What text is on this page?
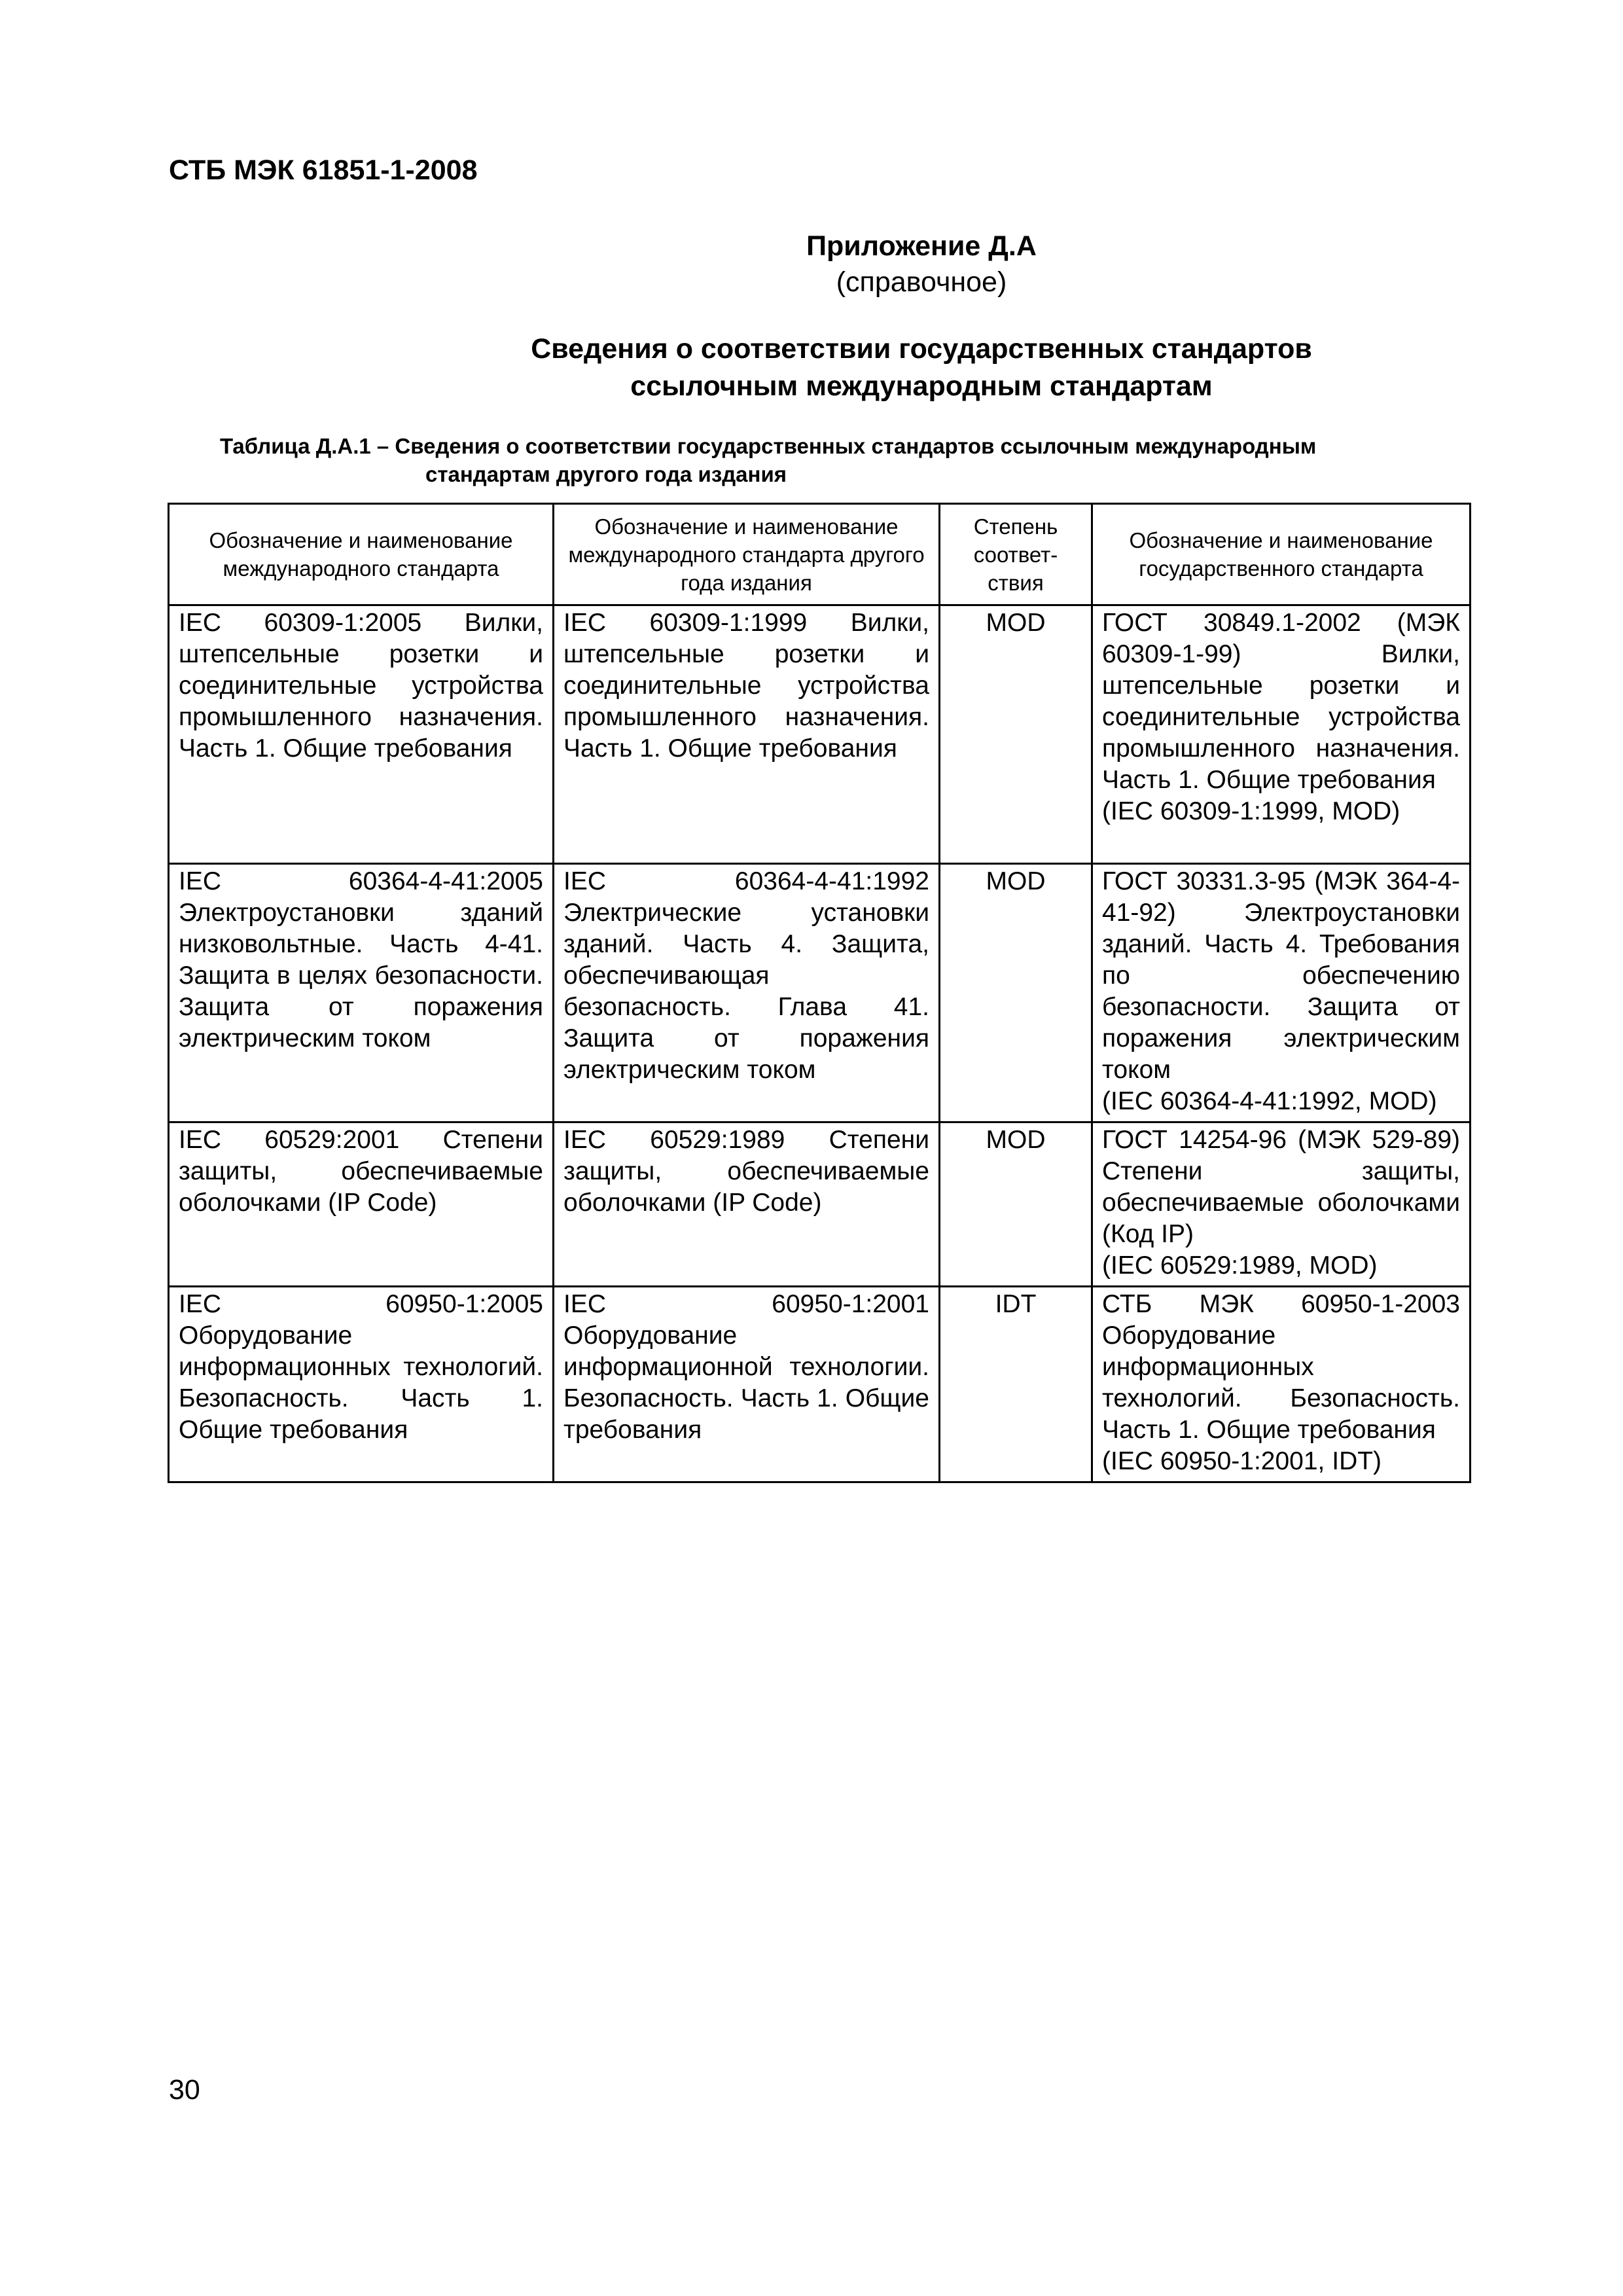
СТБ МЭК 61851-1-2008
Приложение Д.А
(справочное)
Сведения о соответствии государственных стандартов
ссылочным международным стандартам
Таблица Д.А.1 – Сведения о соответствии государственных стандартов ссылочным международным
стандартам другого года издания
Обозначение и наименование международного стандарта	Обозначение и наименование международного стандарта другого года издания	Степень соответ-ствия	Обозначение и наименование государственного стандарта
IEC 60309-1:2005 Вилки, штепсельные розетки и соединительные устройства промышленного назначения. Часть 1. Общие требования	IEC 60309-1:1999 Вилки, штепсельные розетки и соединительные устройства промышленного назначения. Часть 1. Общие требования	MOD	ГОСТ 30849.1-2002 (МЭК 60309-1-99) Вилки, штепсельные розетки и соединительные устройства промышленного назначения. Часть 1. Общие требования
(IEC 60309-1:1999, MOD)

IEC 60364-4-41:2005 Электроустановки зданий низковольтные. Часть 4-41. Защита в целях безопасности. Защита от поражения электрическим током	IEC 60364-4-41:1992 Электрические установки зданий. Часть 4. Защита, обеспечивающая безопасность. Глава 41. Защита от поражения электрическим током	MOD	ГОСТ 30331.3-95 (МЭК 364-4-41-92) Электроустановки зданий. Часть 4. Требования по обеспечению безопасности. Защита от поражения электрическим током
(IEC 60364-4-41:1992, MOD)

IEC 60529:2001 Степени защиты, обеспечиваемые оболочками (IP Code)	IEC 60529:1989 Степени защиты, обеспечиваемые оболочками (IP Code)	MOD	ГОСТ 14254-96 (МЭК 529-89) Степени защиты, обеспечиваемые оболочками (Код IP)
(IEC 60529:1989, MOD)

IEC 60950-1:2005 Оборудование информационных технологий. Безопасность. Часть 1. Общие требования	IEC 60950-1:2001 Оборудование информационной технологии. Безопасность. Часть 1. Общие требования	IDT	СТБ МЭК 60950-1-2003 Оборудование информационных технологий. Безопасность. Часть 1. Общие требования
(IEC 60950-1:2001, IDT)
30
